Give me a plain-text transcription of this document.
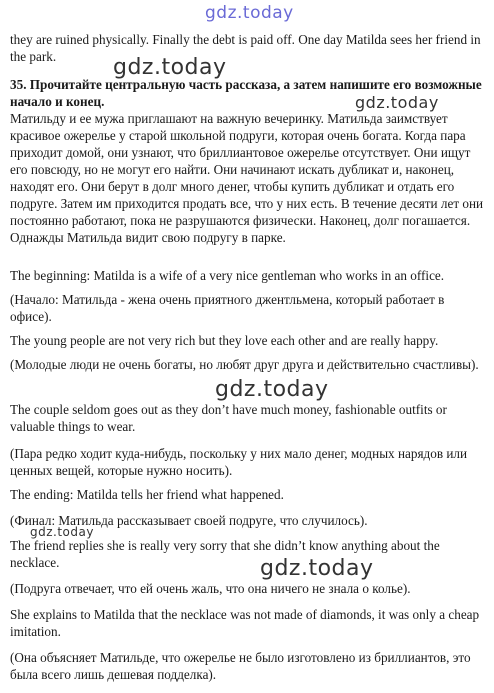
they are ruined physically. Finally the debt is paid off. One day Matilda sees her friend in the park.
35. Прочитайте центральную часть рассказа, а затем напишите его возможные начало и конец.
Матильду и ее мужа приглашают на важную вечеринку. Матильда заимствует красивое ожерелье у старой школьной подруги, которая очень богата. Когда пара приходит домой, они узнают, что бриллиантовое ожерелье отсутствует. Они ищут его повсюду, но не могут его найти. Они начинают искать дубликат и, наконец, находят его. Они берут в долг много денег, чтобы купить дубликат и отдать его подруге. Затем им приходится продать все, что у них есть. В течение десяти лет они постоянно работают, пока не разрушаются физически. Наконец, долг погашается. Однажды Матильда видит свою подругу в парке.
The beginning: Matilda is a wife of a very nice gentleman who works in an office.
(Начало: Матильда - жена очень приятного джентльмена, который работает в офисе).
The young people are not very rich but they love each other and are really happy.
(Молодые люди не очень богаты, но любят друг друга и действительно счастливы).
The couple seldom goes out as they don’t have much money, fashionable outfits or valuable things to wear.
(Пара редко ходит куда-нибудь, поскольку у них мало денег, модных нарядов или ценных вещей, которые нужно носить).
The ending: Matilda tells her friend what happened.
(Финал: Матильда рассказывает своей подруге, что случилось).
The friend replies she is really very sorry that she didn’t know anything about the necklace.
(Подруга отвечает, что ей очень жаль, что она ничего не знала о колье).
She explains to Matilda that the necklace was not made of diamonds, it was only a cheap imitation.
(Она объясняет Матильде, что ожерелье не было изготовлено из бриллиантов, это была всего лишь дешевая подделка).
gdz.today
gdz.today
gdz.today
gdz.today
gdz.today
gdz.today
